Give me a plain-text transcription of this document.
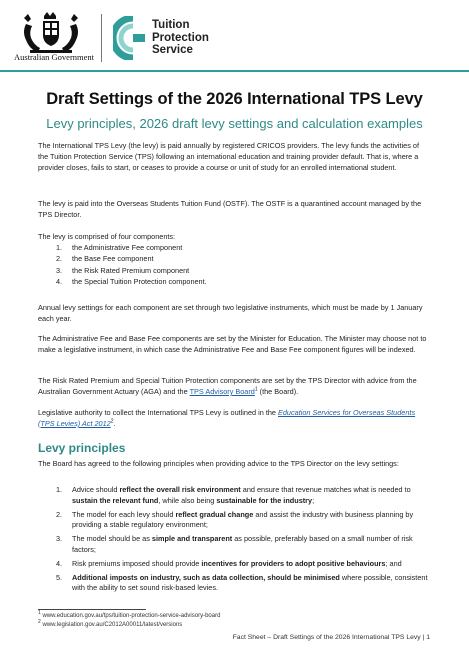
Australian Government
Tuition
Protection
Service
Draft Settings of the 2026 International TPS Levy
Levy principles, 2026 draft levy settings and calculation examples

The International TPS Levy (the levy) is paid annually by registered CRICOS providers. The levy funds the activities of the Tuition Protection Service (TPS) following an international education and training provider default. That is, where a provider closes, fails to start, or ceases to provide a course or unit of study for an enrolled international student.

The levy is paid into the Overseas Students Tuition Fund (OSTF). The OSTF is a quarantined account managed by the TPS Director.

The levy is comprised of four components:

1. the Administrative Fee component
2. the Base Fee component
3. the Risk Rated Premium component
4. the Special Tuition Protection component.

Annual levy settings for each component are set through two legislative instruments, which must be made by 1 January each year.

The Administrative Fee and Base Fee components are set by the Minister for Education. The Minister may choose not to make a legislative instrument, in which case the Administrative Fee and Base Fee component figures will be indexed.

The Risk Rated Premium and Special Tuition Protection components are set by the TPS Director with advice from the Australian Government Actuary (AGA) and the TPS Advisory Board$^1$ (the Board).

Legislative authority to collect the International TPS Levy is outlined in the Education Services for Overseas Students (TPS Levies) Act 2012$^2$.

Levy principles

The Board has agreed to the following principles when providing advice to the TPS Director on the levy settings:

1. Advice should reflect the overall risk environment and ensure that revenue matches what is needed to sustain the relevant fund, while also being sustainable for the industry;
2. The model for each levy should reflect gradual change and assist the industry with business planning by providing a stable regulatory environment;
3. The model should be as simple and transparent as possible, preferably based on a small number of risk factors;
4. Risk premiums imposed should provide incentives for providers to adopt positive behaviours; and
5. Additional imposts on industry, such as data collection, should be minimised where possible, consistent with the ability to set sound risk-based levies.
$^1$ www.education.gov.au/tps/tuition-protection-service-advisory-board
$^2$ www.legislation.gov.au/C2012A00011/latest/versions
Fact Sheet – Draft Settings of the 2026 International TPS Levy | 1
